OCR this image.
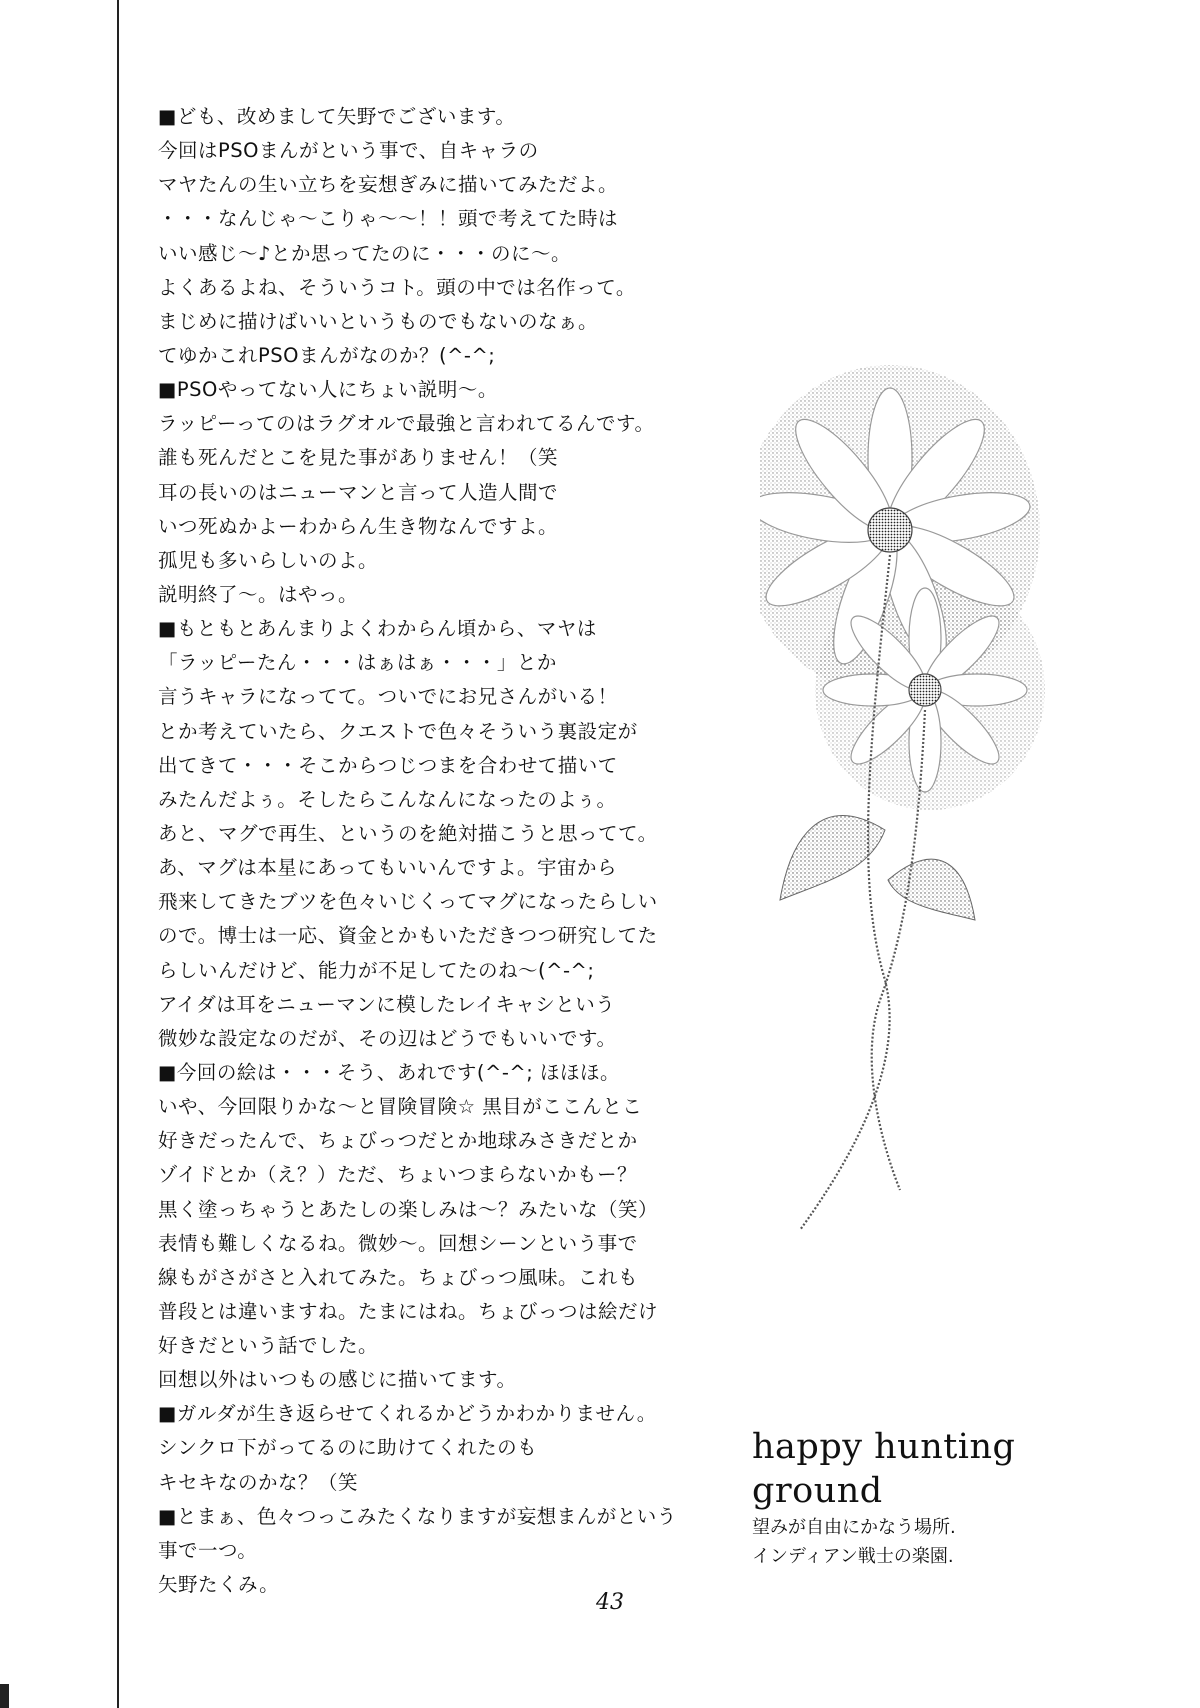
■ども、改めまして矢野でございます。
今回はPSOまんがという事で、自キャラの
マヤたんの生い立ちを妄想ぎみに描いてみただよ。
・・・なんじゃ〜こりゃ〜〜！！頭で考えてた時は
いい感じ〜♪とか思ってたのに・・・のに〜。
よくあるよね、そういうコト。頭の中では名作って。
まじめに描けばいいというものでもないのなぁ。
てゆかこれPSOまんがなのか？(^-^;
■PSOやってない人にちょい説明〜。
ラッピーってのはラグオルで最強と言われてるんです。
誰も死んだとこを見た事がありません！（笑
耳の長いのはニューマンと言って人造人間で
いつ死ぬかよーわからん生き物なんですよ。
孤児も多いらしいのよ。
説明終了〜。はやっ。
■もともとあんまりよくわからん頃から、マヤは
「ラッピーたん・・・はぁはぁ・・・」とか
言うキャラになってて。ついでにお兄さんがいる！
とか考えていたら、クエストで色々そういう裏設定が
出てきて・・・そこからつじつまを合わせて描いて
みたんだよぅ。そしたらこんなんになったのよぅ。
あと、マグで再生、というのを絶対描こうと思ってて。
あ、マグは本星にあってもいいんですよ。宇宙から
飛来してきたブツを色々いじくってマグになったらしい
ので。博士は一応、資金とかもいただきつつ研究してた
らしいんだけど、能力が不足してたのね〜(^-^;
アイダは耳をニューマンに模したレイキャシという
微妙な設定なのだが、その辺はどうでもいいです。
■今回の絵は・・・そう、あれです(^-^; ほほほ。
いや、今回限りかな〜と冒険冒険☆ 黒目がここんとこ
好きだったんで、ちょびっつだとか地球みさきだとか
ゾイドとか（え？）ただ、ちょいつまらないかもー？
黒く塗っちゃうとあたしの楽しみは〜？みたいな（笑）
表情も難しくなるね。微妙〜。回想シーンという事で
線もがさがさと入れてみた。ちょびっつ風味。これも
普段とは違いますね。たまにはね。ちょびっつは絵だけ
好きだという話でした。
回想以外はいつもの感じに描いてます。
■ガルダが生き返らせてくれるかどうかわかりません。
シンクロ下がってるのに助けてくれたのも
キセキなのかな？（笑
■とまぁ、色々つっこみたくなりますが妄想まんがという
事で一つ。
矢野たくみ。
happy hunting ground
望みが自由にかなう場所.
インディアン戦士の楽園.
43
